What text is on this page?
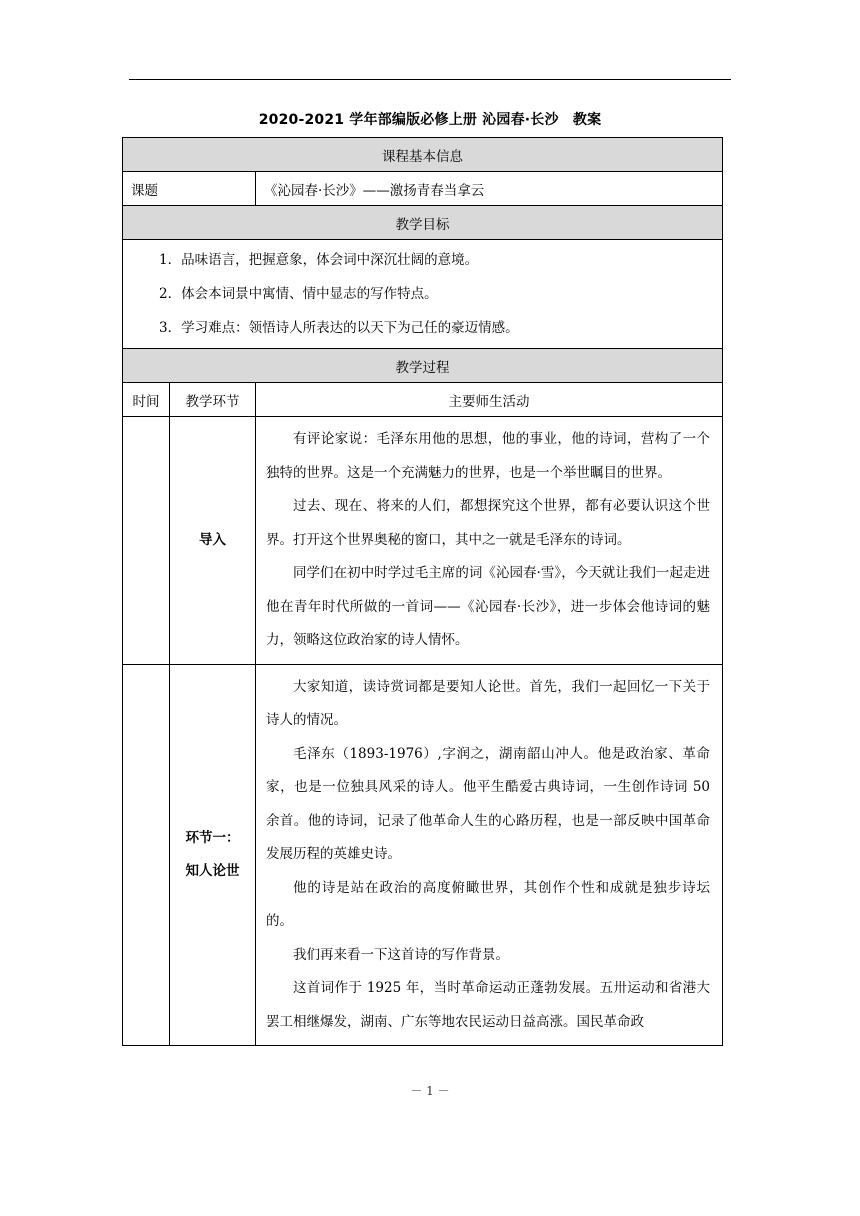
2020-2021 学年部编版必修上册 沁园春·长沙　教案
课程基本信息		
课题		《沁园春·长沙》——激扬青春当拿云
教学目标		

1．品味语言，把握意象，体会词中深沉壮阔的意境。
2．体会本词景中寓情、情中显志的写作特点。
3．学习难点：领悟诗人所表达的以天下为己任的豪迈情感。		

教学过程		
时间	教学环节	主要师生活动

	导入	有评论家说：毛泽东用他的思想，他的事业，他的诗词，营构了一个独特的世界。这是一个充满魅力的世界，也是一个举世瞩目的世界。

过去、现在、将来的人们，都想探究这个世界，都有必要认识这个世界。打开这个世界奥秘的窗口，其中之一就是毛泽东的诗词。

同学们在初中时学过毛主席的词《沁园春·雪》，今天就让我们一起走进他在青年时代所做的一首词——《沁园春·长沙》，进一步体会他诗词的魅力，领略这位政治家的诗人情怀。

	环节一：知人论世	大家知道，读诗赏词都是要知人论世。首先，我们一起回忆一下关于诗人的情况。

毛泽东（1893-1976）,字润之，湖南韶山冲人。他是政治家、革命家，也是一位独具风采的诗人。他平生酷爱古典诗词，一生创作诗词 50 余首。他的诗词，记录了他革命人生的心路历程，也是一部反映中国革命发展历程的英雄史诗。

他的诗是站在政治的高度俯瞰世界，其创作个性和成就是独步诗坛的。

我们再来看一下这首诗的写作背景。

这首词作于 1925 年，当时革命运动正蓬勃发展。五卅运动和省港大罢工相继爆发，湖南、广东等地农民运动日益高涨。国民革命政

－ 1 －
